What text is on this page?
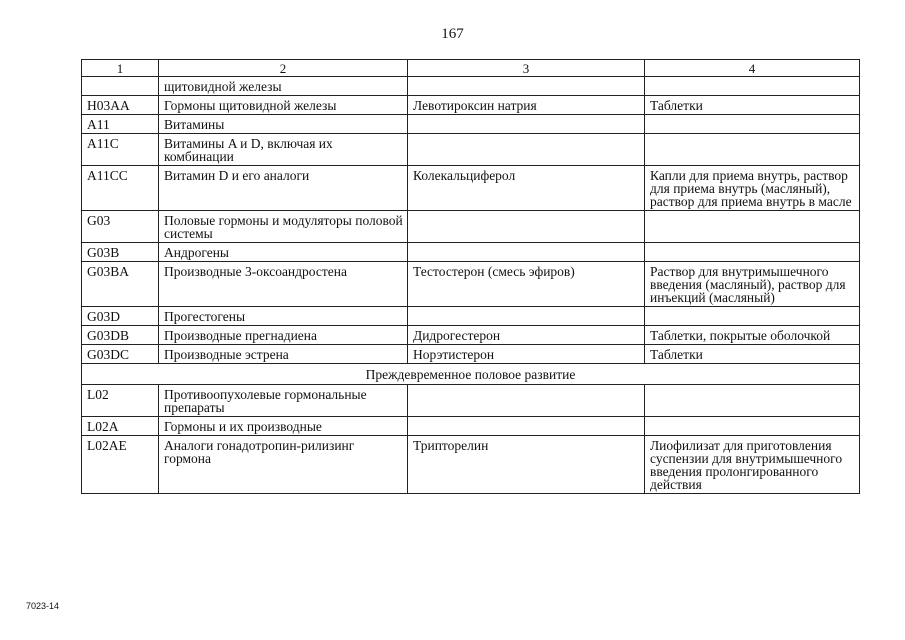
167
1	2	3	4
	щитовидной железы		
H03AA	Гормоны щитовидной железы	Левотироксин натрия	Таблетки
A11	Витамины		
A11C	Витамины A и D, включая их комбинации		
A11CC	Витамин D и его аналоги	Колекальциферол	Капли для приема внутрь, раствор для приема внутрь (масляный), раствор для приема внутрь в масле
G03	Половые гормоны и модуляторы половой системы		
G03B	Андрогены		
G03BA	Производные 3-оксоандростена	Тестостерон (смесь эфиров)	Раствор для внутримышечного введения (масляный), раствор для инъекций (масляный)
G03D	Прогестогены		
G03DB	Производные прегнадиена	Дидрогестерон	Таблетки, покрытые оболочкой
G03DC	Производные эстрена	Норэтистерон	Таблетки
Преждевременное половое развитие			
L02	Противоопухолевые гормональные препараты		
L02A	Гормоны и их производные		
L02AE	Аналоги гонадотропин-рилизинг гормона	Трипторелин	Лиофилизат для приготовления суспензии для внутримышечного введения пролонгированного действия
7023-14
